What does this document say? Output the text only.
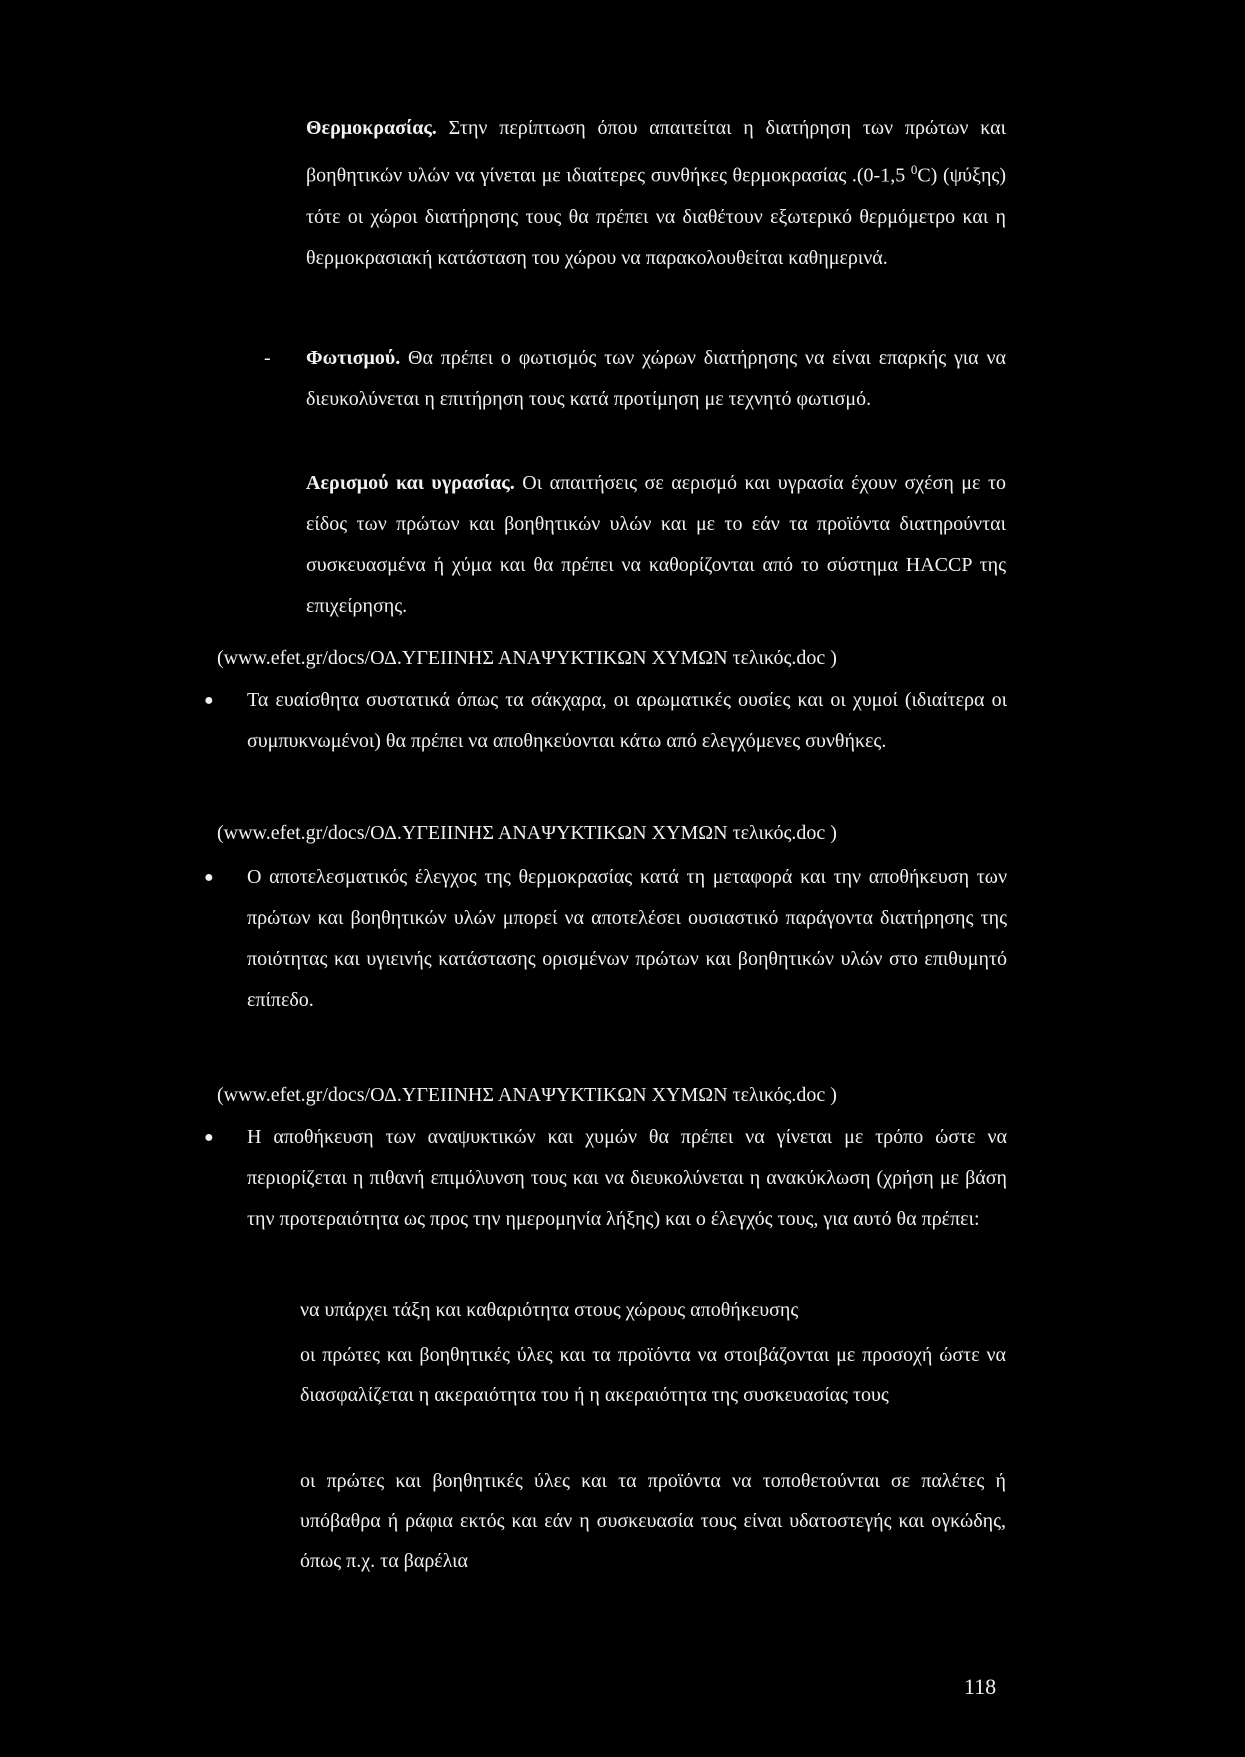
Θερμοκρασίας. Στην περίπτωση όπου απαιτείται η διατήρηση των πρώτων και βοηθητικών υλών να γίνεται με ιδιαίτερες συνθήκες θερμοκρασίας .(0-1,5 $^0$C) (ψύξης) τότε οι χώροι διατήρησης τους θα πρέπει να διαθέτουν εξωτερικό θερμόμετρο και η θερμοκρασιακή κατάσταση του χώρου να παρακολουθείται καθημερινά.

- Φωτισμού. Θα πρέπει ο φωτισμός των χώρων διατήρησης να είναι επαρκής για να διευκολύνεται η επιτήρηση τους κατά προτίμηση με τεχνητό φωτισμό.

Αερισμού και υγρασίας. Οι απαιτήσεις σε αερισμό και υγρασία έχουν σχέση με το είδος των πρώτων και βοηθητικών υλών και με το εάν τα προϊόντα διατηρούνται συσκευασμένα ή χύμα και θα πρέπει να καθορίζονται από το σύστημα HACCP της επιχείρησης.

(www.efet.gr/docs/ΟΔ.ΥΓΕΙΙΝΗΣ ΑΝΑΨΥΚΤΙΚΩΝ ΧΥΜΩΝ τελικός.doc )
● Τα ευαίσθητα συστατικά όπως τα σάκχαρα, οι αρωματικές ουσίες και οι χυμοί (ιδιαίτερα οι συμπυκνωμένοι) θα πρέπει να αποθηκεύονται κάτω από ελεγχόμενες συνθήκες.
(www.efet.gr/docs/ΟΔ.ΥΓΕΙΙΝΗΣ ΑΝΑΨΥΚΤΙΚΩΝ ΧΥΜΩΝ τελικός.doc )
● Ο αποτελεσματικός έλεγχος της θερμοκρασίας κατά τη μεταφορά και την αποθήκευση των πρώτων και βοηθητικών υλών μπορεί να αποτελέσει ουσιαστικό παράγοντα διατήρησης της ποιότητας και υγιεινής κατάστασης ορισμένων πρώτων και βοηθητικών υλών στο επιθυμητό επίπεδο.
(www.efet.gr/docs/ΟΔ.ΥΓΕΙΙΝΗΣ ΑΝΑΨΥΚΤΙΚΩΝ ΧΥΜΩΝ τελικός.doc )
● Η αποθήκευση των αναψυκτικών και χυμών θα πρέπει να γίνεται με τρόπο ώστε να περιορίζεται η πιθανή επιμόλυνση τους και να διευκολύνεται η ανακύκλωση (χρήση με βάση την προτεραιότητα ως προς την ημερομηνία λήξης) και ο έλεγχός τους, για αυτό θα πρέπει:
να υπάρχει τάξη και καθαριότητα στους χώρους αποθήκευσης
οι πρώτες και βοηθητικές ύλες και τα προϊόντα να στοιβάζονται με προσοχή ώστε να διασφαλίζεται η ακεραιότητα του ή η ακεραιότητα της συσκευασίας τους
οι πρώτες και βοηθητικές ύλες και τα προϊόντα να τοποθετούνται σε παλέτες ή υπόβαθρα ή ράφια εκτός και εάν η συσκευασία τους είναι υδατοστεγής και ογκώδης, όπως π.χ. τα βαρέλια
118
